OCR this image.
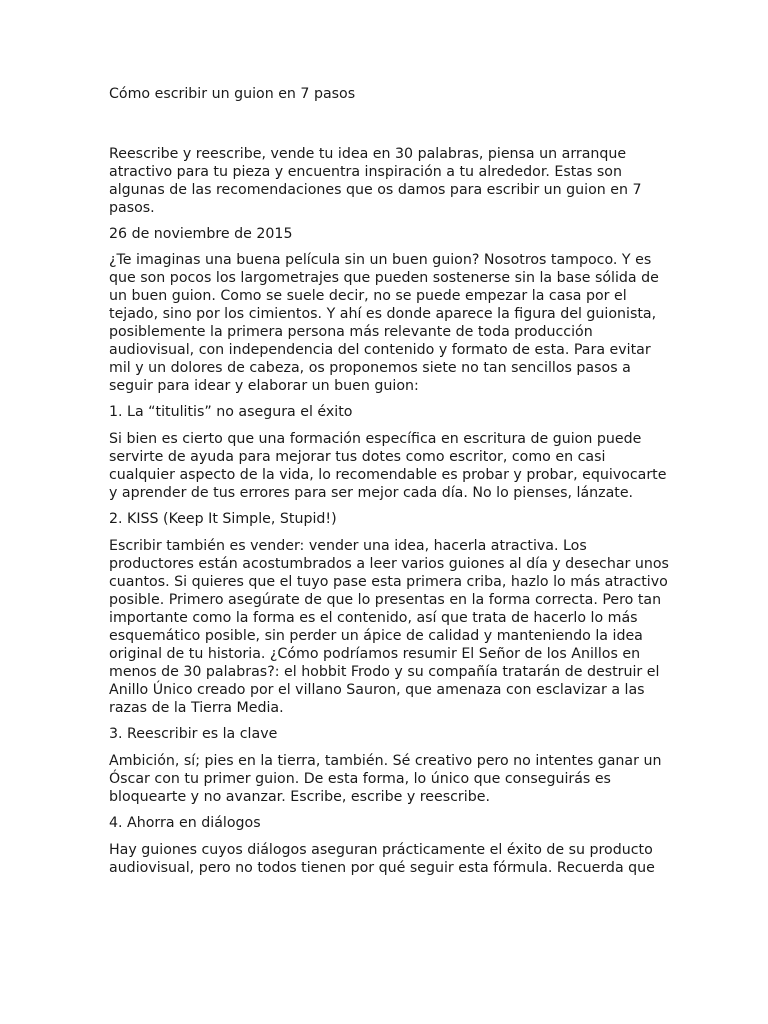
Cómo escribir un guion en 7 pasos

Reescribe y reescribe, vende tu idea en 30 palabras, piensa un arranque atractivo para tu pieza y encuentra inspiración a tu alrededor. Estas son algunas de las recomendaciones que os damos para escribir un guion en 7 pasos.

26 de noviembre de 2015

¿Te imaginas una buena película sin un buen guion? Nosotros tampoco. Y es que son pocos los largometrajes que pueden sostenerse sin la base sólida de un buen guion. Como se suele decir, no se puede empezar la casa por el tejado, sino por los cimientos. Y ahí es donde aparece la figura del guionista, posiblemente la primera persona más relevante de toda producción audiovisual, con independencia del contenido y formato de esta. Para evitar mil y un dolores de cabeza, os proponemos siete no tan sencillos pasos a seguir para idear y elaborar un buen guion:

1. La “titulitis” no asegura el éxito

Si bien es cierto que una formación específica en escritura de guion puede servirte de ayuda para mejorar tus dotes como escritor, como en casi cualquier aspecto de la vida, lo recomendable es probar y probar, equivocarte y aprender de tus errores para ser mejor cada día. No lo pienses, lánzate.

2. KISS (Keep It Simple, Stupid!)

Escribir también es vender: vender una idea, hacerla atractiva. Los productores están acostumbrados a leer varios guiones al día y desechar unos cuantos. Si quieres que el tuyo pase esta primera criba, hazlo lo más atractivo posible. Primero asegúrate de que lo presentas en la forma correcta. Pero tan importante como la forma es el contenido, así que trata de hacerlo lo más esquemático posible, sin perder un ápice de calidad y manteniendo la idea original de tu historia. ¿Cómo podríamos resumir El Señor de los Anillos en menos de 30 palabras?: el hobbit Frodo y su compañía tratarán de destruir el Anillo Único creado por el villano Sauron, que amenaza con esclavizar a las razas de la Tierra Media.

3. Reescribir es la clave

Ambición, sí; pies en la tierra, también. Sé creativo pero no intentes ganar un Óscar con tu primer guion. De esta forma, lo único que conseguirás es bloquearte y no avanzar. Escribe, escribe y reescribe.

4. Ahorra en diálogos

Hay guiones cuyos diálogos aseguran prácticamente el éxito de su producto audiovisual, pero no todos tienen por qué seguir esta fórmula. Recuerda que
